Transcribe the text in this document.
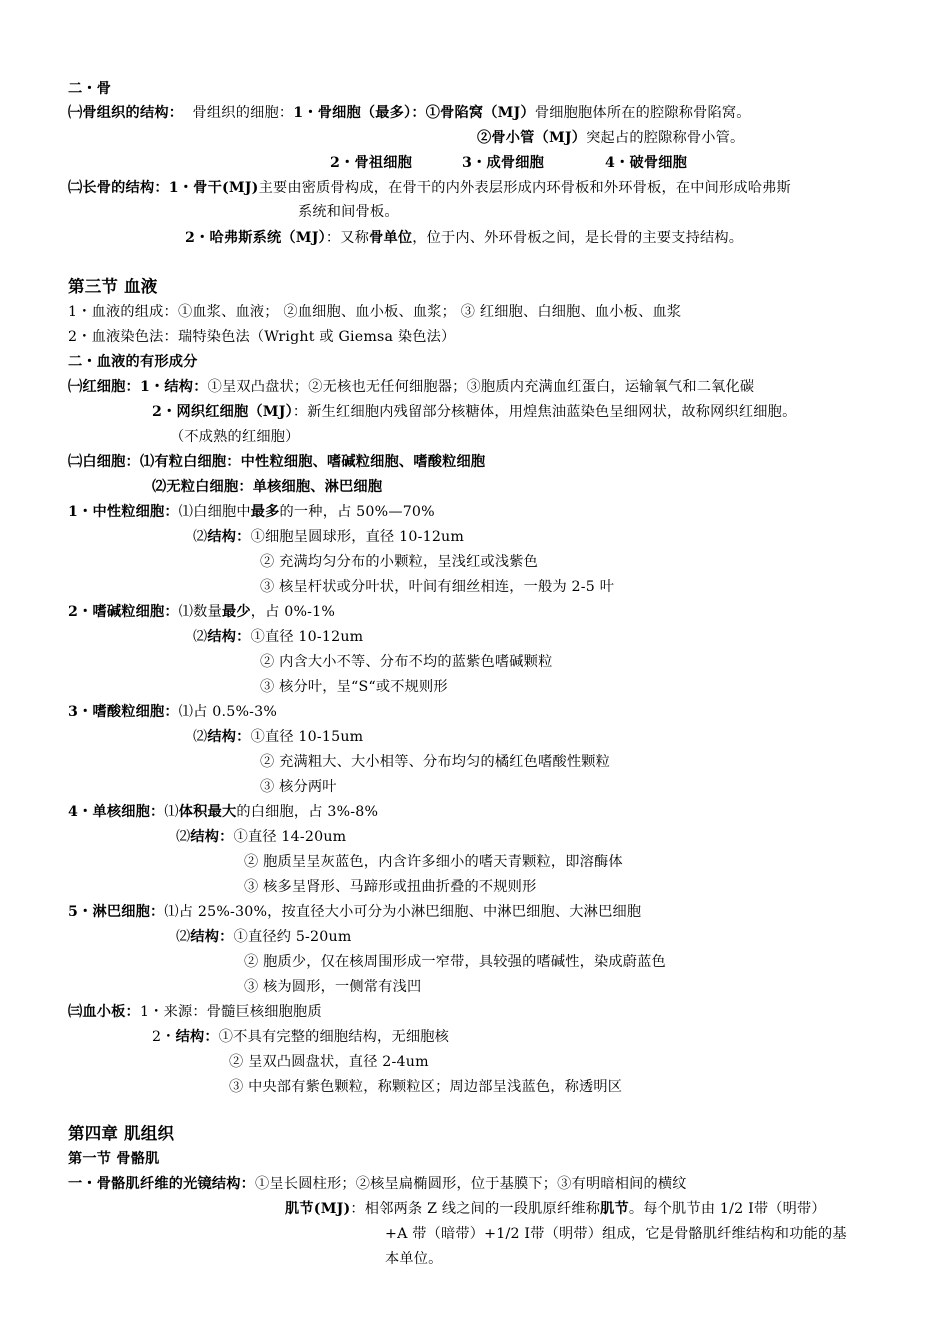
二・骨
㈠骨组织的结构： 骨组织的细胞：1・骨细胞（最多）：①骨陷窝（MJ）骨细胞胞体所在的腔隙称骨陷窝。
②骨小管（MJ）突起占的腔隙称骨小管。
2・骨祖细胞	3・成骨细胞	4・破骨细胞
㈡长骨的结构：1・骨干(MJ)主要由密质骨构成，在骨干的内外表层形成内环骨板和外环骨板，在中间形成哈弗斯
系统和间骨板。
2・哈弗斯系统（MJ）：又称骨单位，位于内、外环骨板之间，是长骨的主要支持结构。
第三节 血液
1・血液的组成：①血浆、血液； ②血细胞、血小板、血浆； ③ 红细胞、白细胞、血小板、血浆
2・血液染色法：瑞特染色法（Wright 或 Giemsa 染色法）
二・血液的有形成分
㈠红细胞：1・结构：①呈双凸盘状；②无核也无任何细胞器；③胞质内充满血红蛋白，运输氧气和二氧化碳
2・网织红细胞（MJ）：新生红细胞内残留部分核糖体，用煌焦油蓝染色呈细网状，故称网织红细胞。
（不成熟的红细胞）
㈡白细胞：⑴有粒白细胞：中性粒细胞、嗜碱粒细胞、嗜酸粒细胞
⑵无粒白细胞：单核细胞、淋巴细胞
1・中性粒细胞：⑴白细胞中最多的一种，占 50%—70%
⑵结构：①细胞呈圆球形，直径 10-12um
② 充满均匀分布的小颗粒，呈浅红或浅紫色
③ 核呈杆状或分叶状，叶间有细丝相连，一般为 2-5 叶
2・嗜碱粒细胞：⑴数量最少，占 0%-1%
⑵结构：①直径 10-12um
② 内含大小不等、分布不均的蓝紫色嗜碱颗粒
③ 核分叶，呈“S“或不规则形
3・嗜酸粒细胞：⑴占 0.5%-3%
⑵结构：①直径 10-15um
② 充满粗大、大小相等、分布均匀的橘红色嗜酸性颗粒
③ 核分两叶
4・单核细胞：⑴体积最大的白细胞，占 3%-8%
⑵结构：①直径 14-20um
② 胞质呈呈灰蓝色，内含许多细小的嗜天青颗粒，即溶酶体
③ 核多呈肾形、马蹄形或扭曲折叠的不规则形
5・淋巴细胞：⑴占 25%-30%，按直径大小可分为小淋巴细胞、中淋巴细胞、大淋巴细胞
⑵结构：①直径约 5-20um
② 胞质少，仅在核周围形成一窄带，具较强的嗜碱性，染成蔚蓝色
③ 核为圆形，一侧常有浅凹
㈢血小板：1・来源：骨髓巨核细胞胞质
2・结构：①不具有完整的细胞结构，无细胞核
② 呈双凸圆盘状，直径 2-4um
③ 中央部有紫色颗粒，称颗粒区；周边部呈浅蓝色，称透明区
第四章 肌组织
第一节 骨骼肌
一・骨骼肌纤维的光镜结构：①呈长圆柱形；②核呈扁椭圆形，位于基膜下；③有明暗相间的横纹
肌节(MJ)：相邻两条 Z 线之间的一段肌原纤维称肌节。每个肌节由 1/2 Ⅰ带（明带）
+A 带（暗带）+1/2 Ⅰ带（明带）组成，它是骨骼肌纤维结构和功能的基
本单位。
